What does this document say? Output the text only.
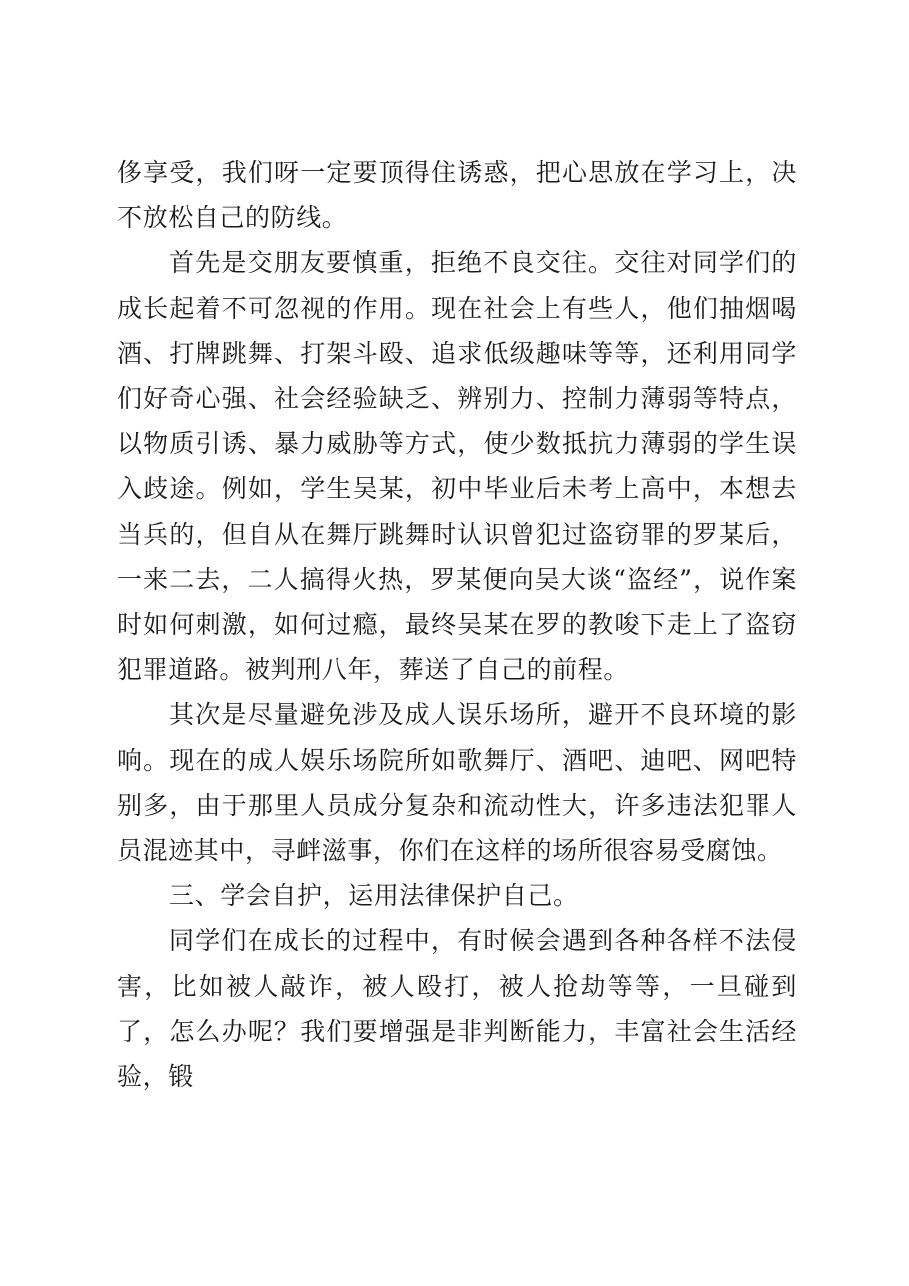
侈享受，我们呀一定要顶得住诱惑，把心思放在学习上，决不放松自己的防线。

首先是交朋友要慎重，拒绝不良交往。交往对同学们的成长起着不可忽视的作用。现在社会上有些人，他们抽烟喝酒、打牌跳舞、打架斗殴、追求低级趣味等等，还利用同学们好奇心强、社会经验缺乏、辨别力、控制力薄弱等特点，以物质引诱、暴力威胁等方式，使少数抵抗力薄弱的学生误入歧途。例如，学生吴某，初中毕业后未考上高中，本想去当兵的，但自从在舞厅跳舞时认识曾犯过盗窃罪的罗某后，一来二去，二人搞得火热，罗某便向吴大谈“盗经”，说作案时如何刺激，如何过瘾，最终吴某在罗的教唆下走上了盗窃犯罪道路。被判刑八年，葬送了自己的前程。

其次是尽量避免涉及成人误乐场所，避开不良环境的影响。现在的成人娱乐场院所如歌舞厅、酒吧、迪吧、网吧特别多，由于那里人员成分复杂和流动性大，许多违法犯罪人员混迹其中，寻衅滋事，你们在这样的场所很容易受腐蚀。

三、学会自护，运用法律保护自己。

同学们在成长的过程中，有时候会遇到各种各样不法侵害，比如被人敲诈，被人殴打，被人抢劫等等，一旦碰到了，怎么办呢？我们要增强是非判断能力，丰富社会生活经验，锻
